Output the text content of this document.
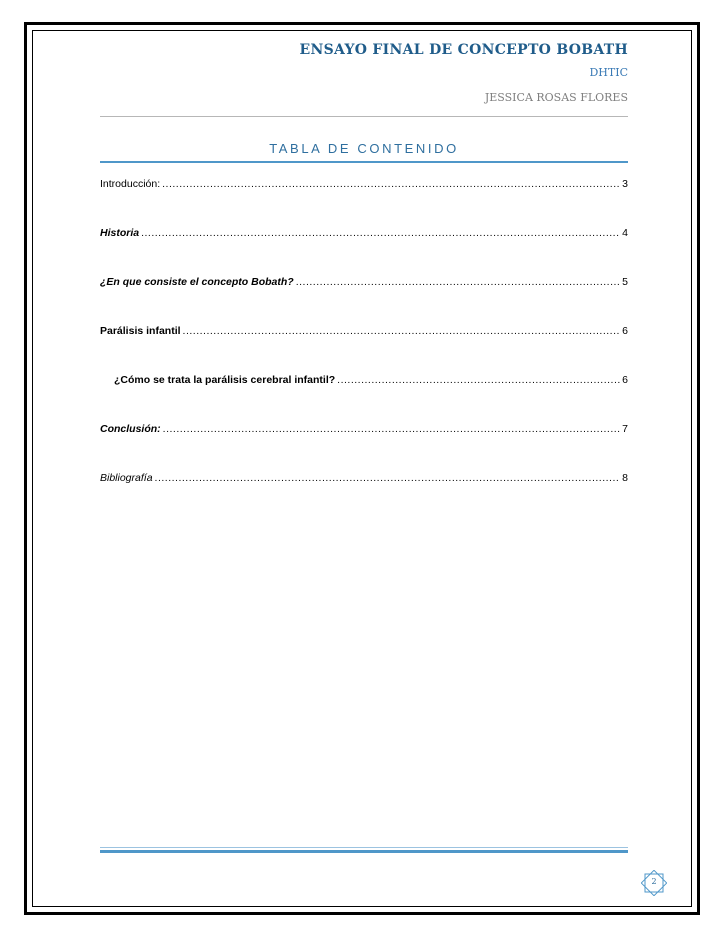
ENSAYO FINAL DE CONCEPTO BOBATH
DHTIC
JESSICA ROSAS FLORES
TABLA DE CONTENIDO
Introducción: .....	3
Historia .....	4
¿En que consiste el concepto Bobath? .....	5
Parálisis infantil .....	6
¿Cómo se trata la parálisis cerebral infantil? .....	6
Conclusión: .....	7
Bibliografía .....	8
2
